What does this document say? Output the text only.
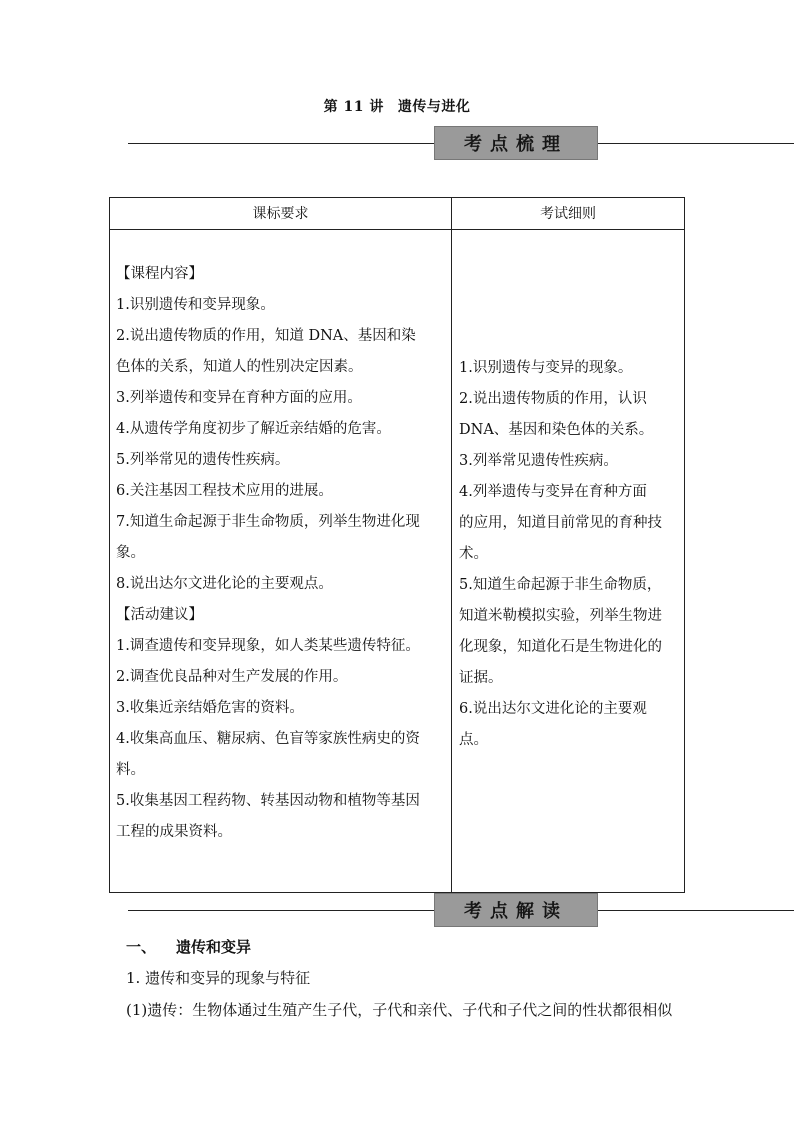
第 11 讲 遗传与进化
考点梳理
课标要求	考试细则
【课程内容】
1.识别遗传和变异现象。
2.说出遗传物质的作用，知道 DNA、基因和染
色体的关系，知道人的性别决定因素。
3.列举遗传和变异在育种方面的应用。
4.从遗传学角度初步了解近亲结婚的危害。
5.列举常见的遗传性疾病。
6.关注基因工程技术应用的进展。
7.知道生命起源于非生命物质，列举生物进化现
象。
8.说出达尔文进化论的主要观点。
【活动建议】
1.调查遗传和变异现象，如人类某些遗传特征。
2.调查优良品种对生产发展的作用。
3.收集近亲结婚危害的资料。
4.收集高血压、糖尿病、色盲等家族性病史的资
料。
5.收集基因工程药物、转基因动物和植物等基因
工程的成果资料。
1.识别遗传与变异的现象。
2.说出遗传物质的作用，认识
DNA、基因和染色体的关系。
3.列举常见遗传性疾病。
4.列举遗传与变异在育种方面
的应用，知道目前常见的育种技
术。
5.知道生命起源于非生命物质，
知道米勒模拟实验，列举生物进
化现象，知道化石是生物进化的
证据。
6.说出达尔文进化论的主要观
点。
考点解读
一、 遗传和变异
1. 遗传和变异的现象与特征
(1)遗传：生物体通过生殖产生子代，子代和亲代、子代和子代之间的性状都很相似
